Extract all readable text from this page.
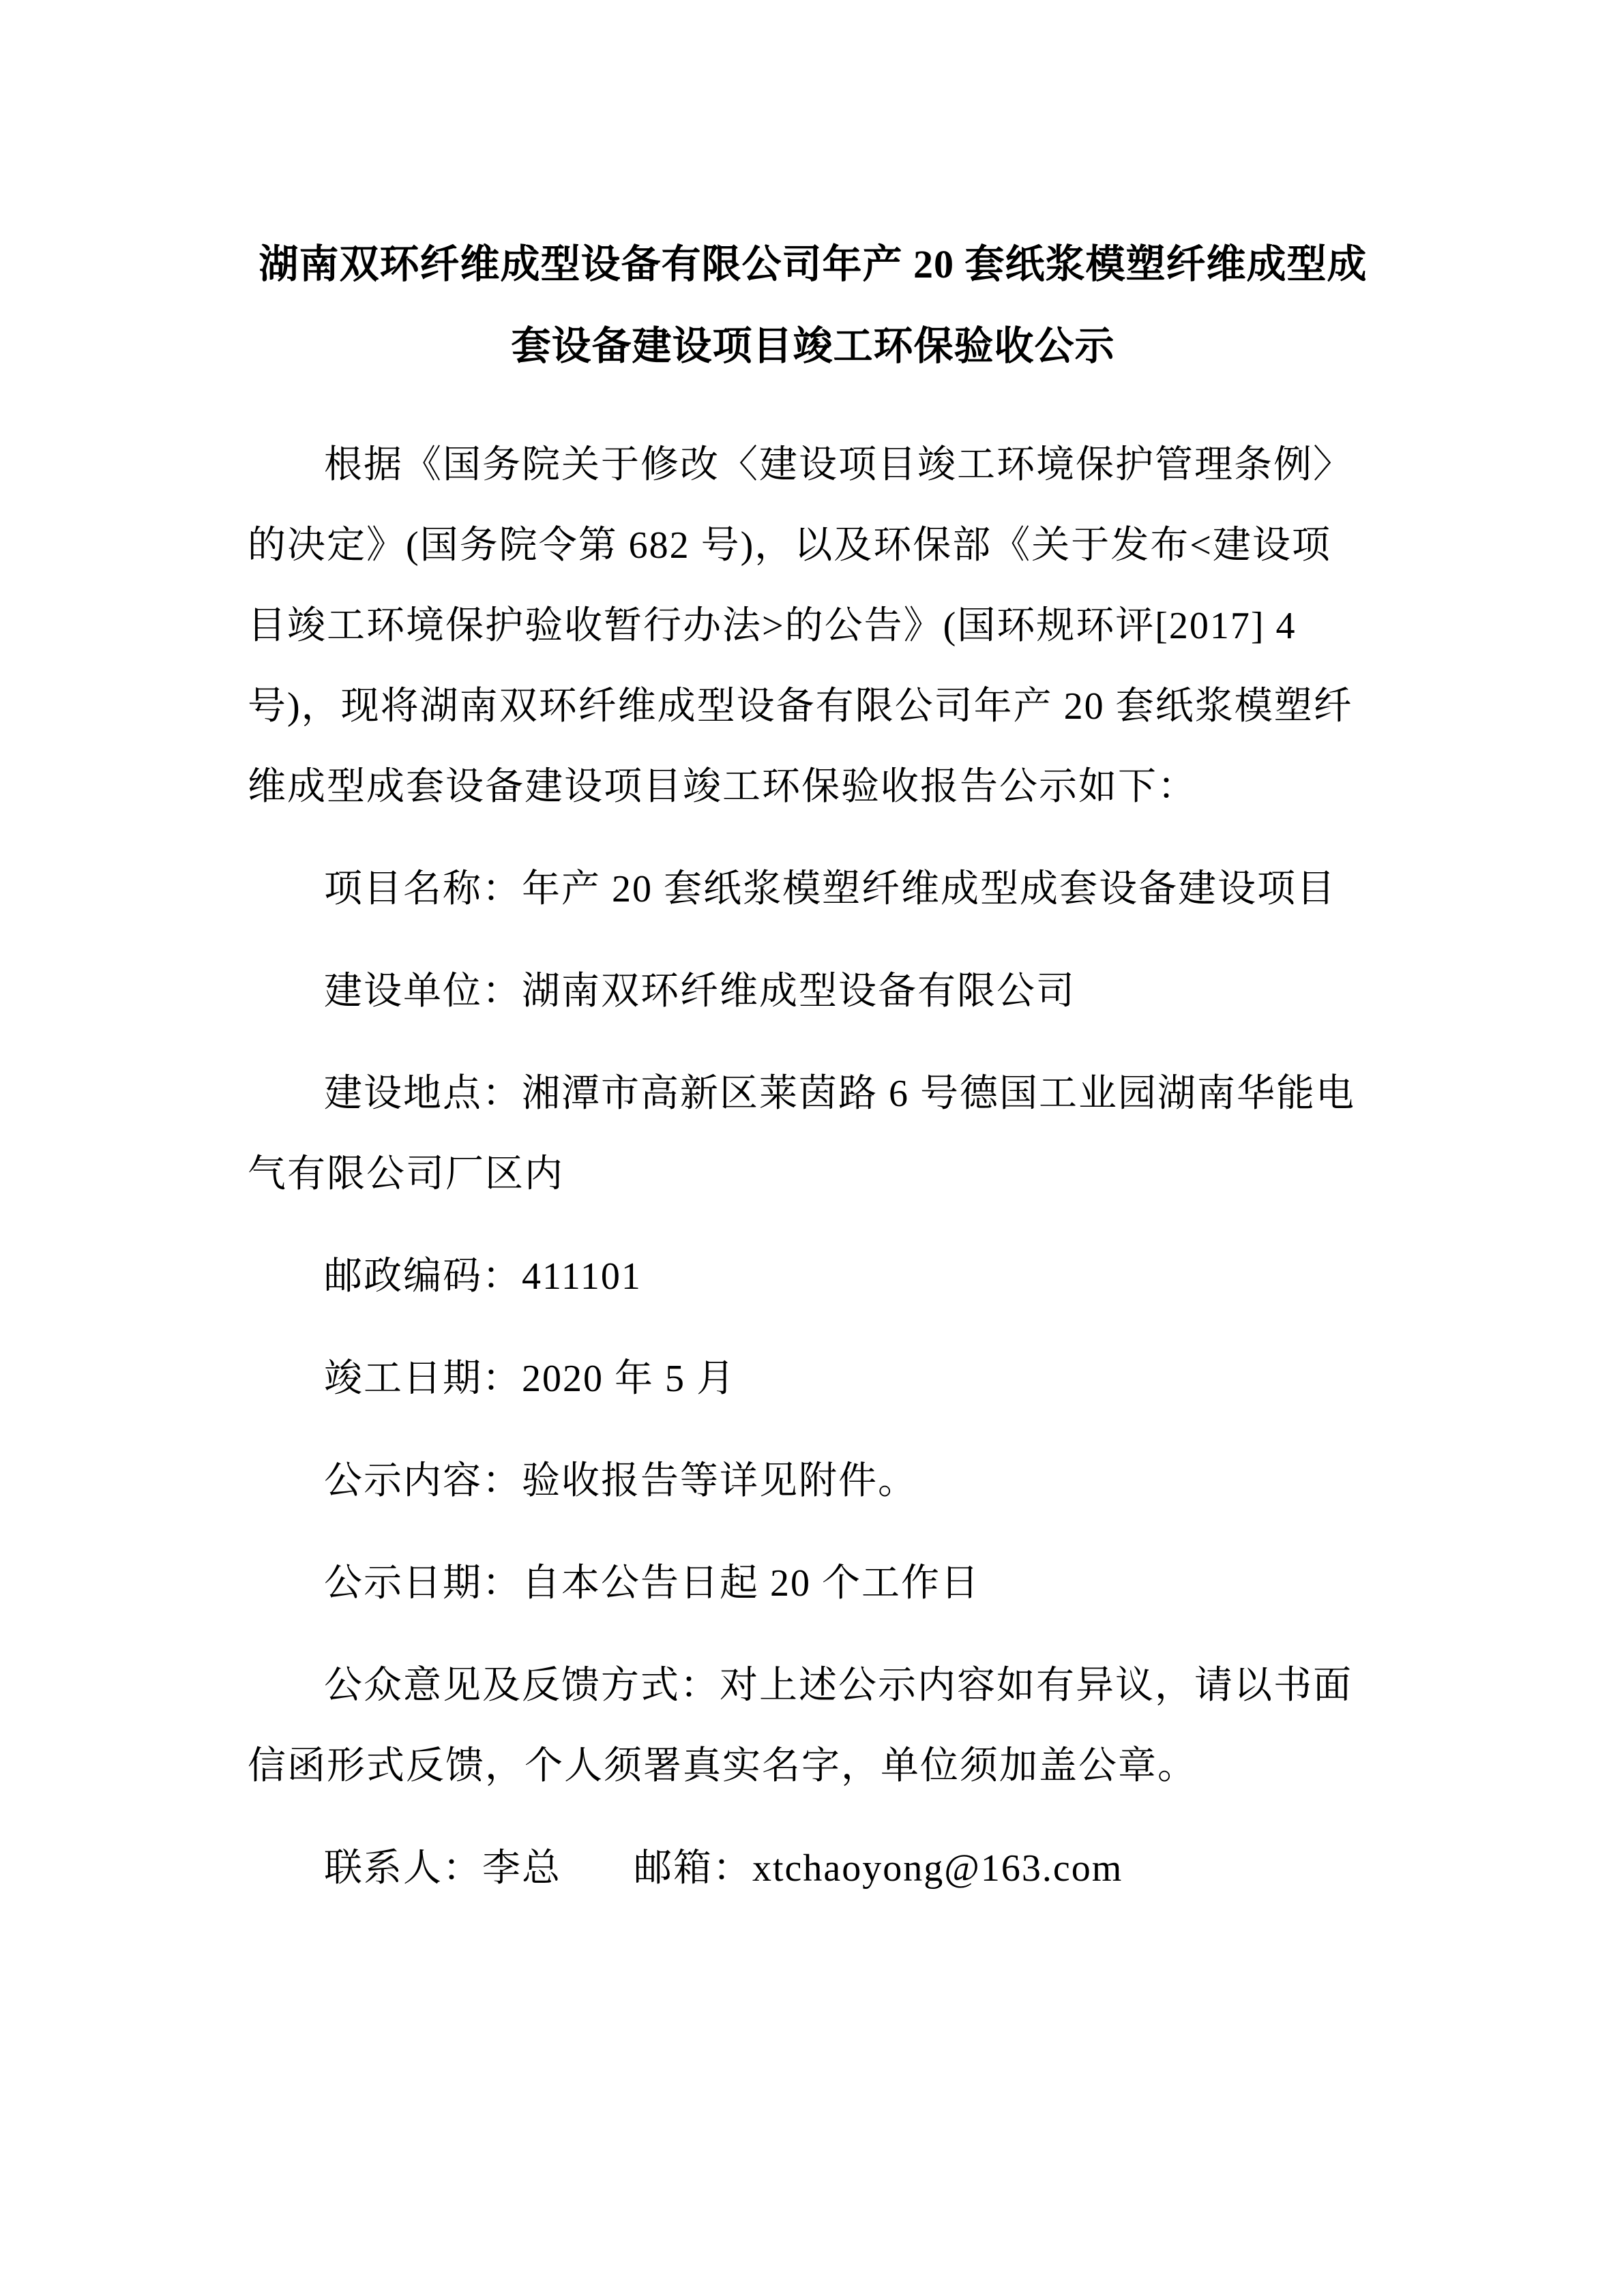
湖南双环纤维成型设备有限公司年产 20 套纸浆模塑纤维成型成
套设备建设项目竣工环保验收公示
根据《国务院关于修改〈建设项目竣工环境保护管理条例〉
的决定》(国务院令第 682 号)，以及环保部《关于发布<建设项
目竣工环境保护验收暂行办法>的公告》(国环规环评[2017] 4
号)，现将湖南双环纤维成型设备有限公司年产 20 套纸浆模塑纤
维成型成套设备建设项目竣工环保验收报告公示如下：
项目名称：年产 20 套纸浆模塑纤维成型成套设备建设项目
建设单位：湖南双环纤维成型设备有限公司
建设地点：湘潭市高新区莱茵路 6 号德国工业园湖南华能电
气有限公司厂区内
邮政编码：411101
竣工日期：2020 年 5 月
公示内容：验收报告等详见附件。
公示日期：自本公告日起 20 个工作日
公众意见及反馈方式：对上述公示内容如有异议，请以书面
信函形式反馈，个人须署真实名字，单位须加盖公章。
联系人：李总 邮箱：xtchaoyong@163.com
